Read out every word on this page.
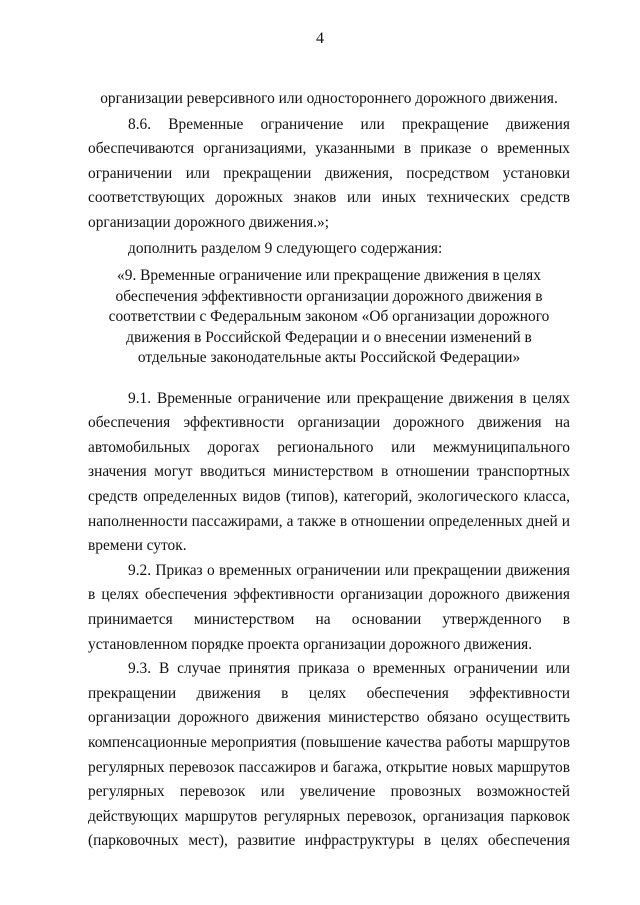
4

организации реверсивного или одностороннего дорожного движения.

8.6. Временные ограничение или прекращение движения обеспечиваются организациями, указанными в приказе о временных ограничении или прекращении движения, посредством установки соответствующих дорожных знаков или иных технических средств организации дорожного движения.»;

дополнить разделом 9 следующего содержания:

«9. Временные ограничение или прекращение движения в целях обеспечения эффективности организации дорожного движения в соответствии с Федеральным законом «Об организации дорожного движения в Российской Федерации и о внесении изменений в отдельные законодательные акты Российской Федерации»

9.1. Временные ограничение или прекращение движения в целях обеспечения эффективности организации дорожного движения на автомобильных дорогах регионального или межмуниципального значения могут вводиться министерством в отношении транспортных средств определенных видов (типов), категорий, экологического класса, наполненности пассажирами, а также в отношении определенных дней и времени суток.

9.2. Приказ о временных ограничении или прекращении движения в целях обеспечения эффективности организации дорожного движения принимается министерством на основании утвержденного в установленном порядке проекта организации дорожного движения.

9.3. В случае принятия приказа о временных ограничении или прекращении движения в целях обеспечения эффективности организации дорожного движения министерство обязано осуществить компенсационные мероприятия (повышение качества работы маршрутов регулярных перевозок пассажиров и багажа, открытие новых маршрутов регулярных перевозок или увеличение провозных возможностей действующих маршрутов регулярных перевозок, организация парковок (парковочных мест), развитие инфраструктуры в целях обеспечения
